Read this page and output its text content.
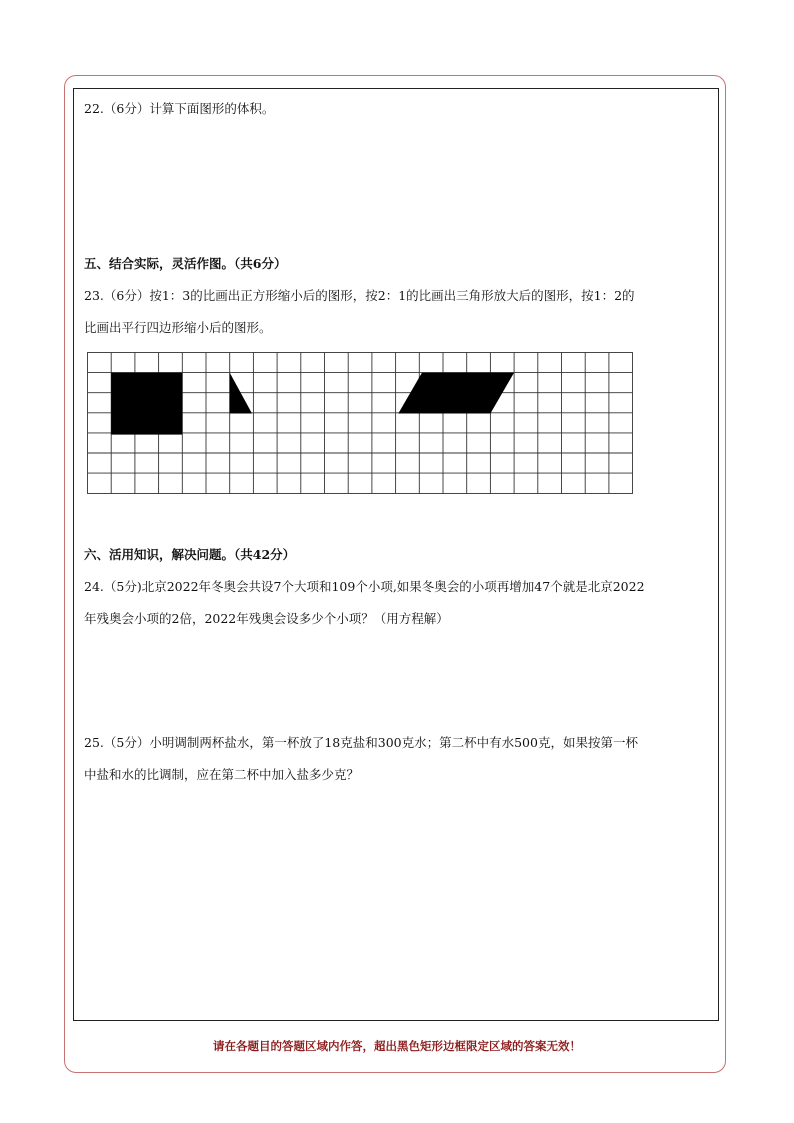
22.（6分）计算下面图形的体积。
五、结合实际，灵活作图。（共6分）
23.（6分）按1：3的比画出正方形缩小后的图形，按2：1的比画出三角形放大后的图形，按1：2的
比画出平行四边形缩小后的图形。
六、活用知识，解决问题。（共42分）
24.（5分)北京2022年冬奥会共设7个大项和109个小项,如果冬奥会的小项再增加47个就是北京2022
年残奥会小项的2倍，2022年残奥会设多少个小项？（用方程解）
25.（5分）小明调制两杯盐水，第一杯放了18克盐和300克水；第二杯中有水500克，如果按第一杯
中盐和水的比调制，应在第二杯中加入盐多少克？
请在各题目的答题区域内作答，超出黑色矩形边框限定区域的答案无效！
